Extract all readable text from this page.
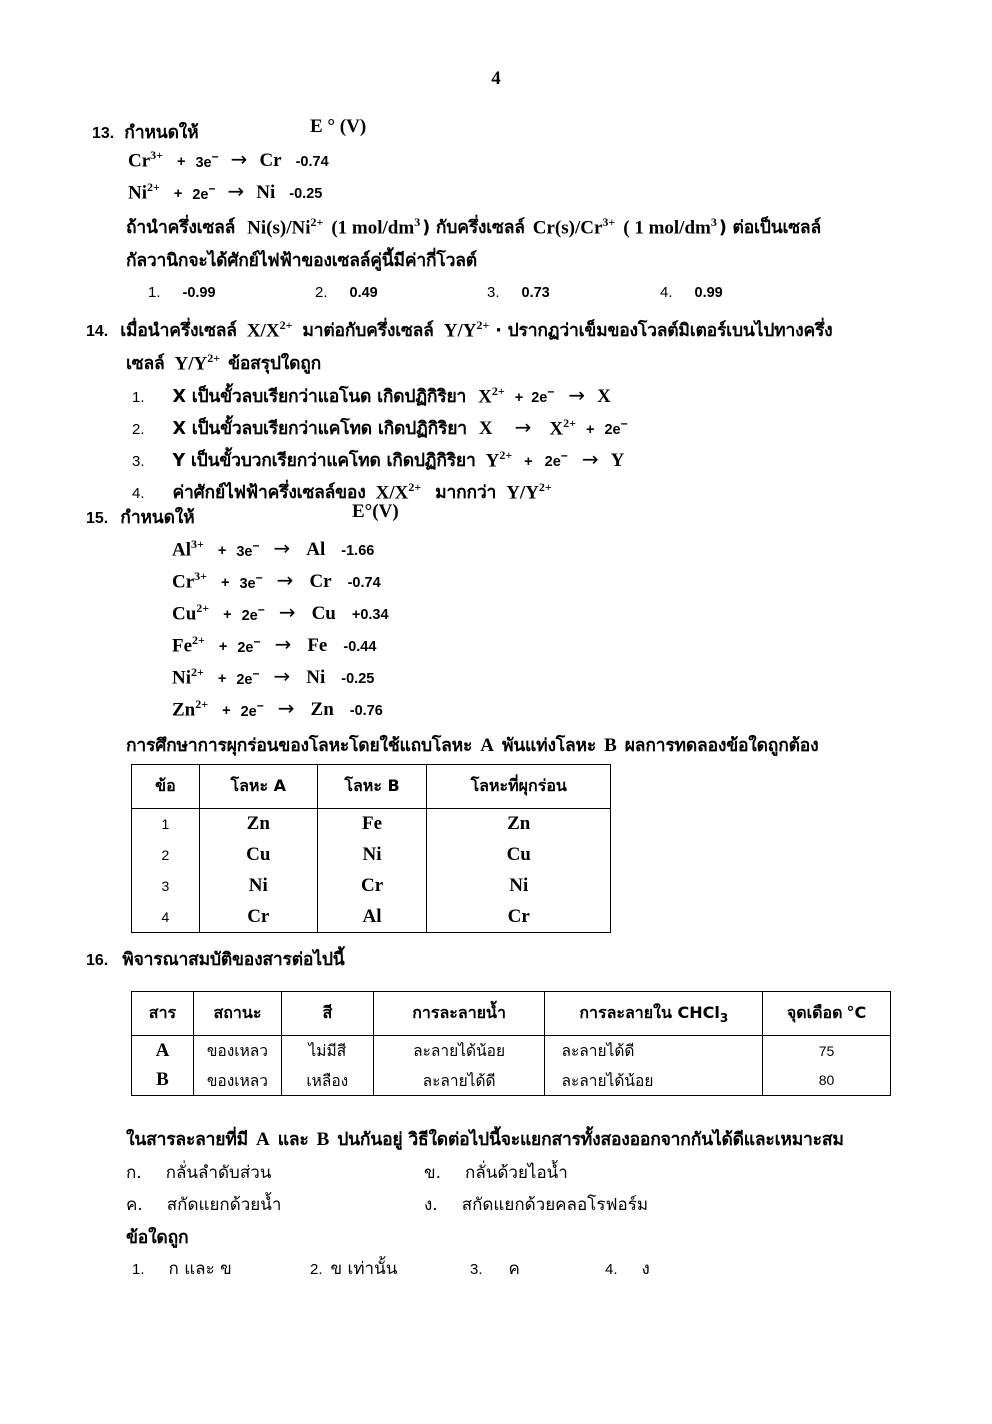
4
13. กำหนดให้	E ° (V)
$Cr^{3+} + 3e^- \to Cr$ -0.74
$Ni^{2+} + 2e^- \to Ni$ -0.25
ถ้านำครึ่งเซลล์ $Ni(s)/Ni^{2+}$ (1 mol/$dm^3$ ) กับครึ่งเซลล์ $Cr(s)/Cr^{3+}$ ( 1 mol/$dm^3$ ) ต่อเป็นเซลล์
กัลวานิกจะได้ศักย์ไฟฟ้าของเซลล์คู่นี้มีค่ากี่โวลต์
1. -0.99	2. 0.49	3. 0.73	4. 0.99
14. เมื่อนำครึ่งเซลล์ $X/X^{2+}$ มาต่อกับครึ่งเซลล์ $Y/Y^{2+}$ · ปรากฏว่าเข็มของโวลต์มิเตอร์เบนไปทางครึ่ง
เซลล์ $Y/Y^{2+}$ ข้อสรุปใดถูก
1. X เป็นขั้วลบเรียกว่าแอโนด เกิดปฏิกิริยา $X^{2+} + 2e^- \to X$
2. X เป็นขั้วลบเรียกว่าแคโทด เกิดปฏิกิริยา $X \to X^{2+} + 2e^-$
3. Y เป็นขั้วบวกเรียกว่าแคโทด เกิดปฏิกิริยา $Y^{2+} + 2e^- \to Y$
4. ค่าศักย์ไฟฟ้าครึ่งเซลล์ของ $X/X^{2+}$ มากกว่า $Y/Y^{2+}$
15. กำหนดให้	E°(V)
$Al^{3+} + 3e^- \to Al$ -1.66
$Cr^{3+} + 3e^- \to Cr$ -0.74
$Cu^{2+} + 2e^- \to Cu +0.34$
$Fe^{2+} + 2e^- \to Fe$ -0.44
$Ni^{2+} + 2e^- \to Ni$ -0.25
$Zn^{2+} + 2e^- \to Zn$ -0.76
การศึกษาการผุกร่อนของโลหะโดยใช้แถบโลหะ A พันแท่งโลหะ B ผลการทดลองข้อใดถูกต้อง
ข้อ	โลหะ A	โลหะ B	โลหะที่ผุกร่อน
1	Zn	Fe	Zn
2	Cu	Ni	Cu
3	Ni	Cr	Ni
4	Cr	Al	Cr
16. พิจารณาสมบัติของสารต่อไปนี้
สาร	สถานะ	สี	การละลายน้ำ	การละลายใน CHCl$_3$	จุดเดือด °C
A	ของเหลว	ไม่มีสี	ละลายได้น้อย	ละลายได้ดี	75
B	ของเหลว	เหลือง	ละลายได้ดี	ละลายได้น้อย	80
ในสารละลายที่มี A และ B ปนกันอยู่ วิธีใดต่อไปนี้จะแยกสารทั้งสองออกจากกันได้ดีและเหมาะสม
ก. กลั่นลำดับส่วน	ข. กลั่นด้วยไอน้ำ
ค. สกัดแยกด้วยน้ำ	ง. สกัดแยกด้วยคลอโรฟอร์ม
ข้อใดถูก
1. ก และ ข	2. ข เท่านั้น	3. ค	4. ง
